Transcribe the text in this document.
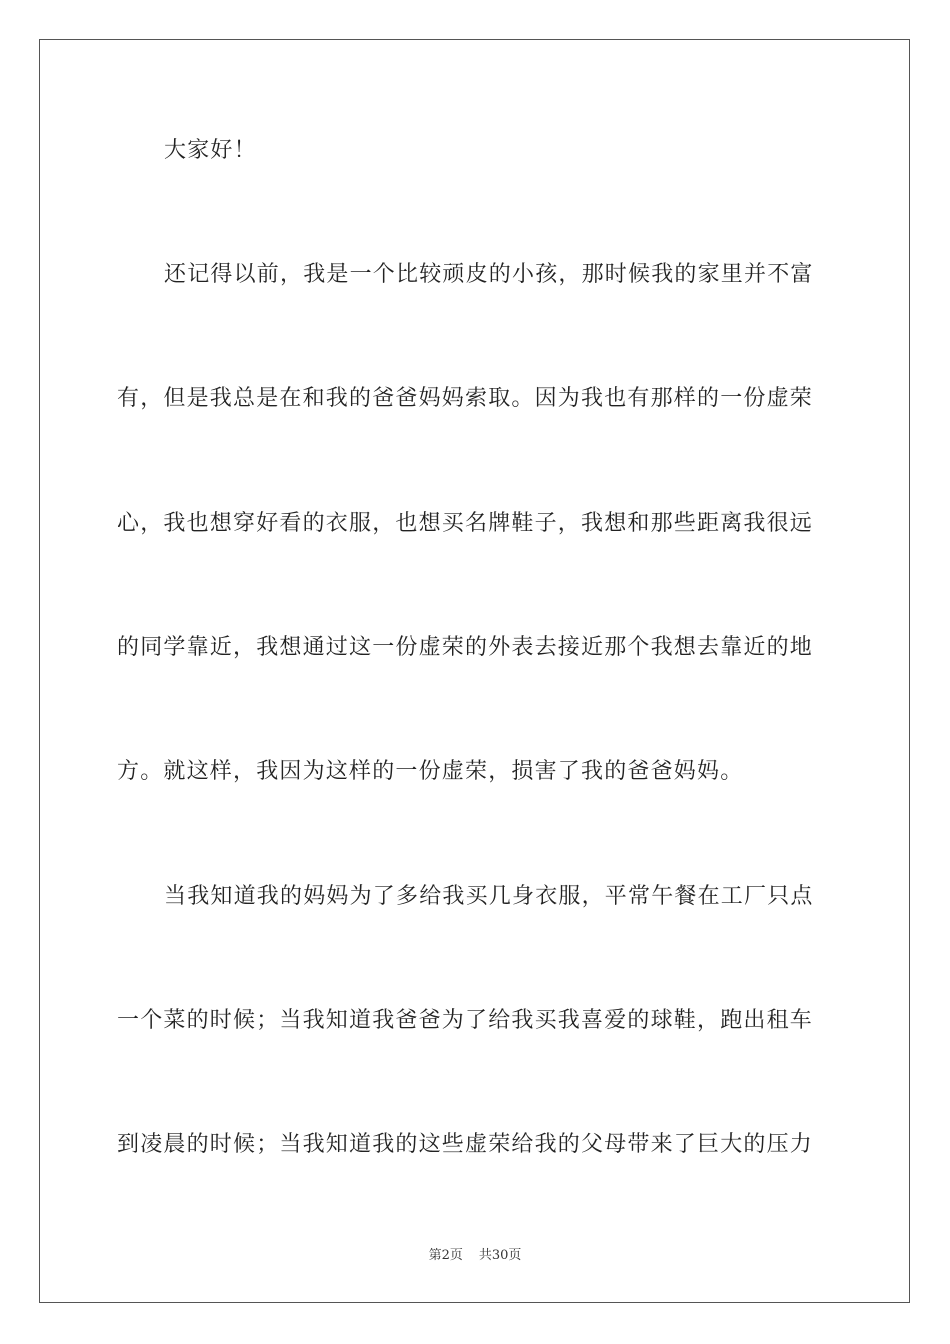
大家好！
还记得以前，我是一个比较顽皮的小孩，那时候我的家里并不富
有，但是我总是在和我的爸爸妈妈索取。因为我也有那样的一份虚荣
心，我也想穿好看的衣服，也想买名牌鞋子，我想和那些距离我很远
的同学靠近，我想通过这一份虚荣的外表去接近那个我想去靠近的地
方。就这样，我因为这样的一份虚荣，损害了我的爸爸妈妈。
当我知道我的妈妈为了多给我买几身衣服，平常午餐在工厂只点
一个菜的时候；当我知道我爸爸为了给我买我喜爱的球鞋，跑出租车
到凌晨的时候；当我知道我的这些虚荣给我的父母带来了巨大的压力
第2页 共30页
